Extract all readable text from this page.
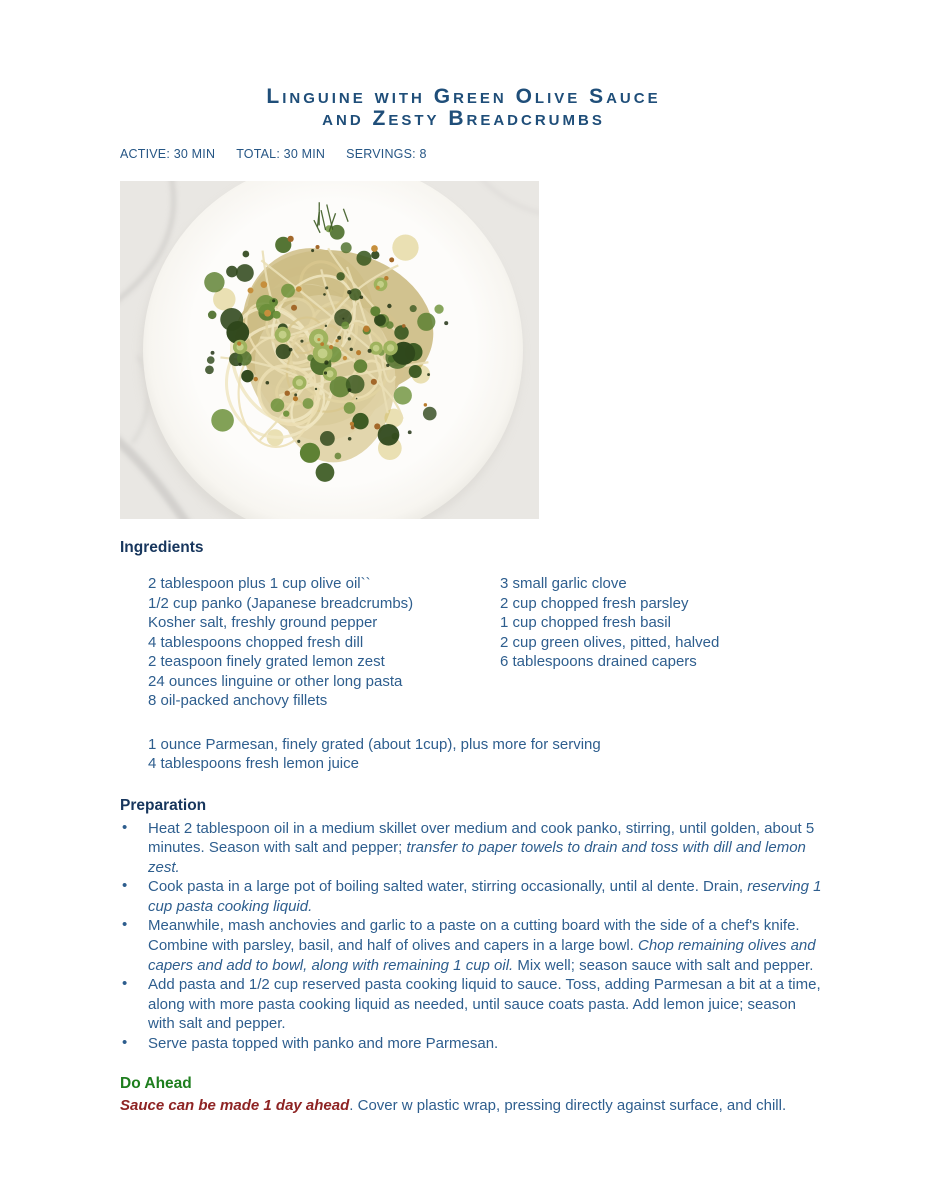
Linguine with Green Olive Sauce
and Zesty Breadcrumbs
ACTIVE: 30 MIN TOTAL: 30 MIN SERVINGS: 8
Ingredients
2 tablespoon plus 1 cup olive oil``
1/2 cup panko (Japanese breadcrumbs)
Kosher salt, freshly ground pepper
4 tablespoons chopped fresh dill
2 teaspoon finely grated lemon zest
24 ounces linguine or other long pasta
8 oil-packed anchovy fillets
3 small garlic clove
2 cup chopped fresh parsley
1 cup chopped fresh basil
2 cup green olives, pitted, halved
6 tablespoons drained capers
1 ounce Parmesan, finely grated (about 1cup), plus more for serving
4 tablespoons fresh lemon juice
Preparation
• Heat 2 tablespoon oil in a medium skillet over medium and cook panko, stirring, until golden, about 5 minutes. Season with salt and pepper; transfer to paper towels to drain and toss with dill and lemon zest.
• Cook pasta in a large pot of boiling salted water, stirring occasionally, until al dente. Drain, reserving 1 cup pasta cooking liquid.
• Meanwhile, mash anchovies and garlic to a paste on a cutting board with the side of a chef's knife. Combine with parsley, basil, and half of olives and capers in a large bowl. Chop remaining olives and capers and add to bowl, along with remaining 1 cup oil. Mix well; season sauce with salt and pepper.
• Add pasta and 1/2 cup reserved pasta cooking liquid to sauce. Toss, adding Parmesan a bit at a time, along with more pasta cooking liquid as needed, until sauce coats pasta. Add lemon juice; season with salt and pepper.
• Serve pasta topped with panko and more Parmesan.
Do Ahead

Sauce can be made 1 day ahead. Cover w plastic wrap, pressing directly against surface, and chill.
